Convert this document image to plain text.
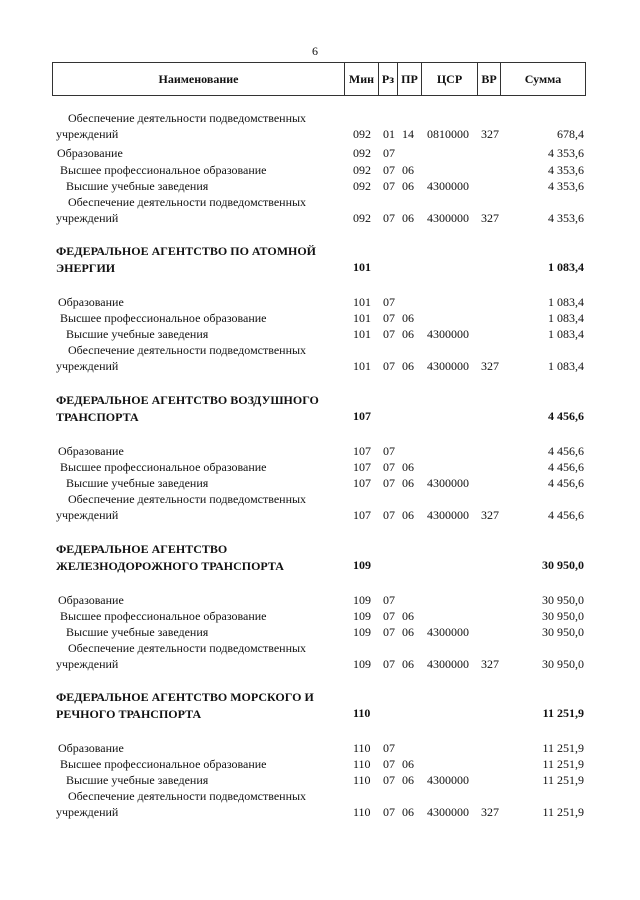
6
Наименование	Мин Рз ПР	ЦСР	ВР	Сумма
Обеспечение деятельности подведомственных
учреждений	092 01 14 0810000 327	678,4
Образование	092 07	4 353,6
Высшее профессиональное образование	092 07 06	4 353,6
Высшие учебные заведения	092 07 06 4300000	4 353,6
Обеспечение деятельности подведомственных
учреждений	092 07 06 4300000 327	4 353,6
ФЕДЕРАЛЬНОЕ АГЕНТСТВО ПО АТОМНОЙ
ЭНЕРГИИ	101	1 083,4
Образование	101 07	1 083,4
Высшее профессиональное образование	101 07 06	1 083,4
Высшие учебные заведения	101 07 06 4300000	1 083,4
Обеспечение деятельности подведомственных
учреждений	101 07 06 4300000 327	1 083,4
ФЕДЕРАЛЬНОЕ АГЕНТСТВО ВОЗДУШНОГО
ТРАНСПОРТА	107	4 456,6
Образование	107 07	4 456,6
Высшее профессиональное образование	107 07 06	4 456,6
Высшие учебные заведения	107 07 06 4300000	4 456,6
Обеспечение деятельности подведомственных
учреждений	107 07 06 4300000 327	4 456,6
ФЕДЕРАЛЬНОЕ АГЕНТСТВО
ЖЕЛЕЗНОДОРОЖНОГО ТРАНСПОРТА	109	30 950,0
Образование	109 07	30 950,0
Высшее профессиональное образование	109 07 06	30 950,0
Высшие учебные заведения	109 07 06 4300000	30 950,0
Обеспечение деятельности подведомственных
учреждений	109 07 06 4300000 327	30 950,0
ФЕДЕРАЛЬНОЕ АГЕНТСТВО МОРСКОГО И
РЕЧНОГО ТРАНСПОРТА	110	11 251,9
Образование	110 07	11 251,9
Высшее профессиональное образование	110 07 06	11 251,9
Высшие учебные заведения	110 07 06 4300000	11 251,9
Обеспечение деятельности подведомственных
учреждений	110 07 06 4300000 327	11 251,9
